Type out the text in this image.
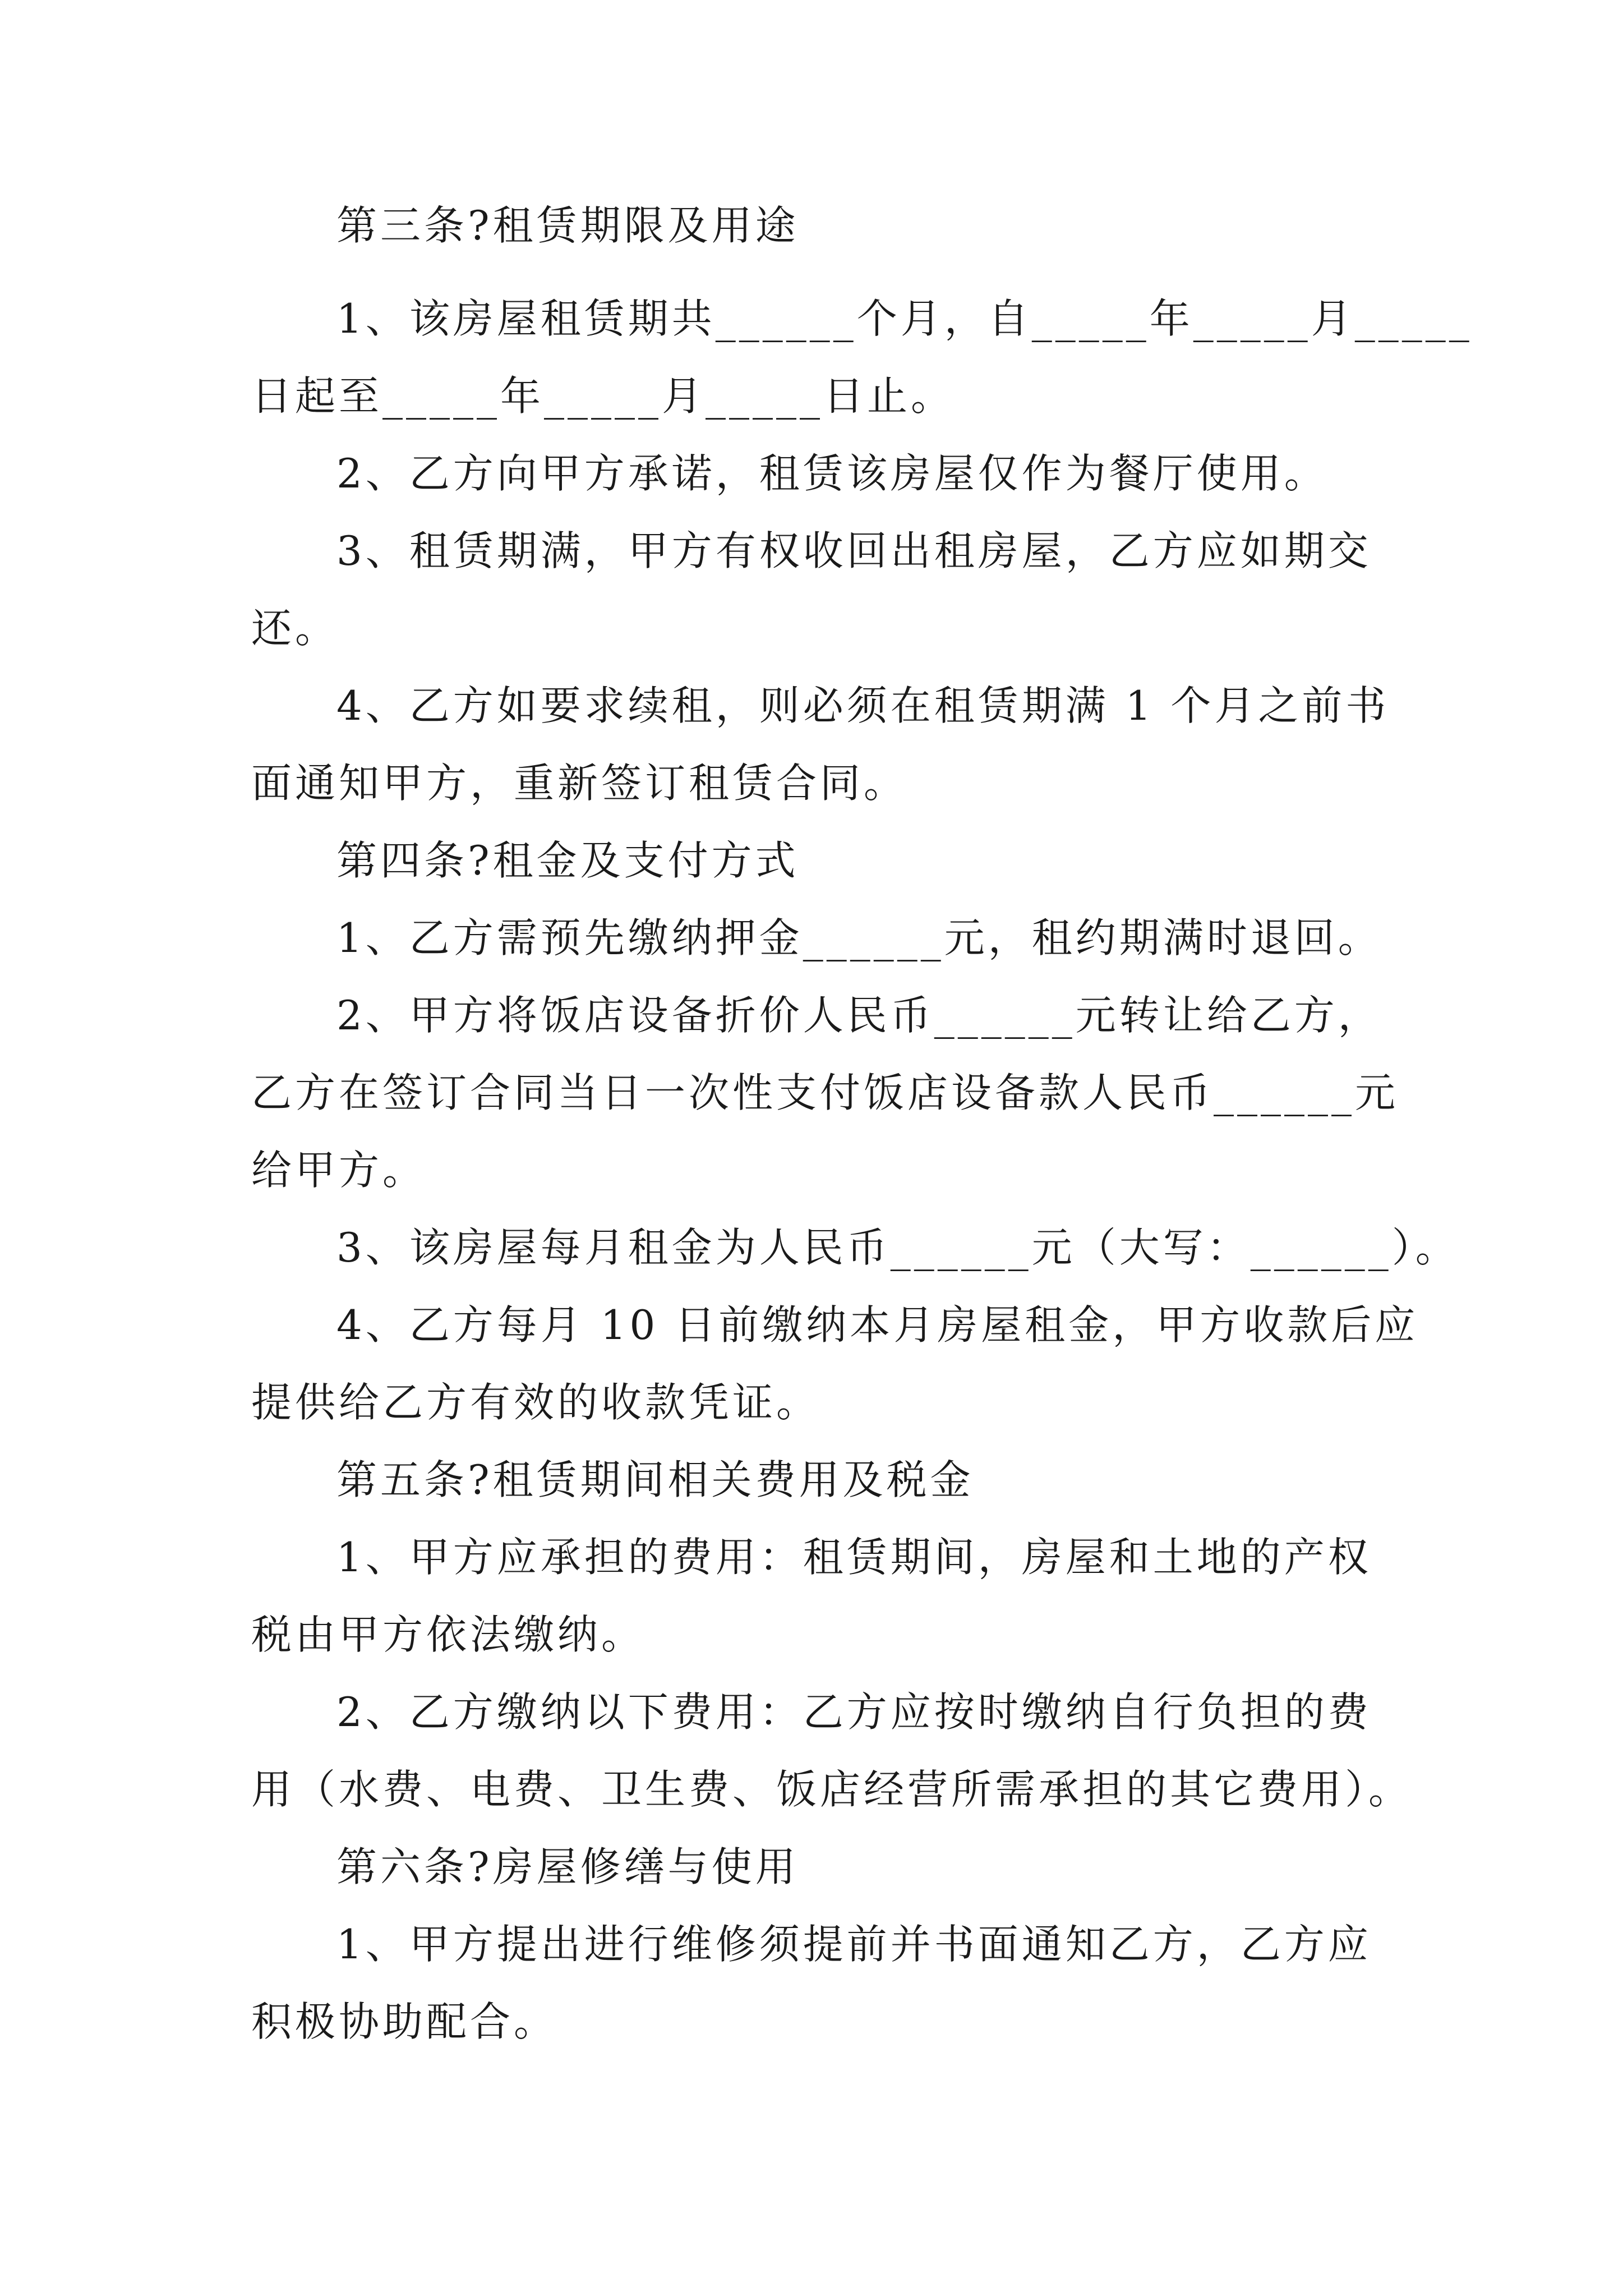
第三条?租赁期限及用途
1、该房屋租赁期共______个月，自_____年_____月_____
日起至_____年_____月_____日止。
2、乙方向甲方承诺，租赁该房屋仅作为餐厅使用。
3、租赁期满，甲方有权收回出租房屋，乙方应如期交
还。
4、乙方如要求续租，则必须在租赁期满 1 个月之前书
面通知甲方，重新签订租赁合同。
第四条?租金及支付方式
1、乙方需预先缴纳押金______元，租约期满时退回。
2、甲方将饭店设备折价人民币______元转让给乙方，
乙方在签订合同当日一次性支付饭店设备款人民币______元
给甲方。
3、该房屋每月租金为人民币______元（大写：______）。
4、乙方每月 10 日前缴纳本月房屋租金，甲方收款后应
提供给乙方有效的收款凭证。
第五条?租赁期间相关费用及税金
1、甲方应承担的费用：租赁期间，房屋和土地的产权
税由甲方依法缴纳。
2、乙方缴纳以下费用：乙方应按时缴纳自行负担的费
用（水费、电费、卫生费、饭店经营所需承担的其它费用）。
第六条?房屋修缮与使用
1、甲方提出进行维修须提前并书面通知乙方，乙方应
积极协助配合。
